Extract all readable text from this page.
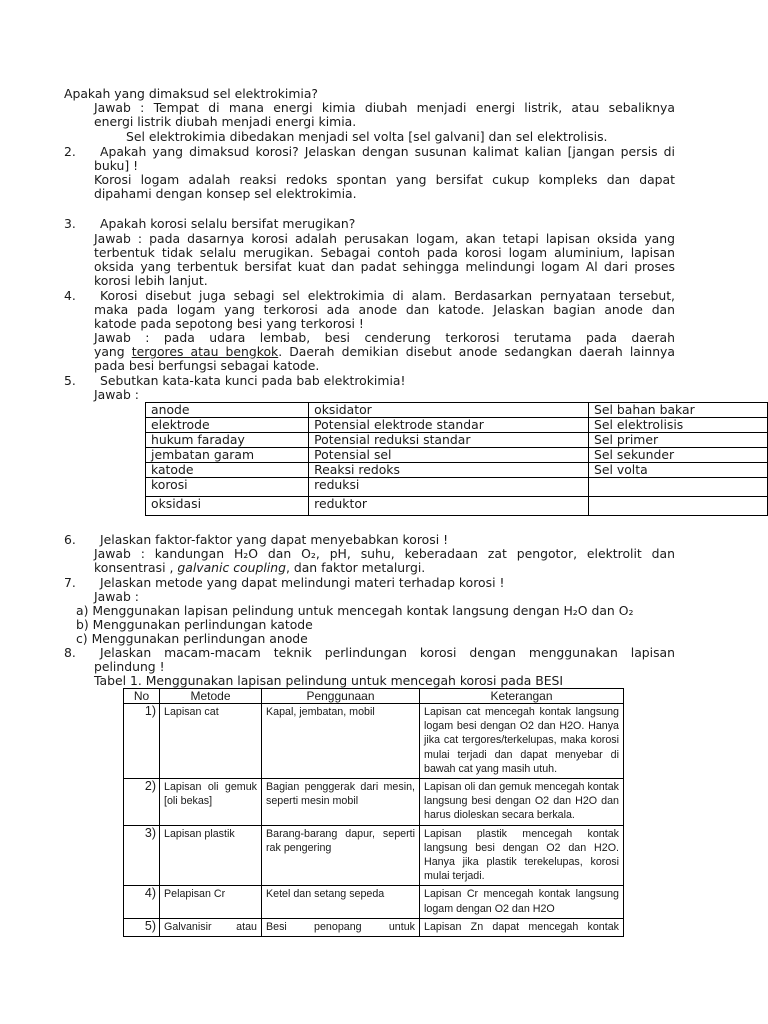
Apakah yang dimaksud sel elektrokimia?
Jawab : Tempat di mana energi kimia diubah menjadi energi listrik, atau sebaliknya
energi listrik diubah menjadi energi kimia.
Sel elektrokimia dibedakan menjadi sel volta [sel galvani] dan sel elektrolisis.
2. Apakah yang dimaksud korosi? Jelaskan dengan susunan kalimat kalian [jangan persis di
buku] !
Korosi logam adalah reaksi redoks spontan yang bersifat cukup kompleks dan dapat
dipahami dengan konsep sel elektrokimia.
3. Apakah korosi selalu bersifat merugikan?
Jawab : pada dasarnya korosi adalah perusakan logam, akan tetapi lapisan oksida yang
terbentuk tidak selalu merugikan. Sebagai contoh pada korosi logam aluminium, lapisan
oksida yang terbentuk bersifat kuat dan padat sehingga melindungi logam Al dari proses
korosi lebih lanjut.
4. Korosi disebut juga sebagi sel elektrokimia di alam. Berdasarkan pernyataan tersebut,
maka pada logam yang terkorosi ada anode dan katode. Jelaskan bagian anode dan
katode pada sepotong besi yang terkorosi !
Jawab : pada udara lembab, besi cenderung terkorosi terutama pada daerah
yang tergores atau bengkok. Daerah demikian disebut anode sedangkan daerah lainnya
pada besi berfungsi sebagai katode.
5. Sebutkan kata-kata kunci pada bab elektrokimia!
Jawab :
anode	oksidator	Sel bahan bakar
elektrode	Potensial elektrode standar	Sel elektrolisis
hukum faraday	Potensial reduksi standar	Sel primer
jembatan garam	Potensial sel	Sel sekunder
katode	Reaksi redoks	Sel volta
korosi	reduksi	
oksidasi	reduktor	
6. Jelaskan faktor-faktor yang dapat menyebabkan korosi !
Jawab : kandungan H₂O dan O₂, pH, suhu, keberadaan zat pengotor, elektrolit dan
konsentrasi , galvanic coupling, dan faktor metalurgi.
7. Jelaskan metode yang dapat melindungi materi terhadap korosi !
Jawab :
a) Menggunakan lapisan pelindung untuk mencegah kontak langsung dengan H₂O dan O₂
b) Menggunakan perlindungan katode
c) Menggunakan perlindungan anode
8. Jelaskan macam-macam teknik perlindungan korosi dengan menggunakan lapisan
pelindung !
Tabel 1. Menggunakan lapisan pelindung untuk mencegah korosi pada BESI
No	Metode	Penggunaan	Keterangan
1)	Lapisan cat	Kapal, jembatan, mobil	Lapisan cat mencegah kontak langsung logam besi dengan O2 dan H2O. Hanya jika cat tergores/terkelupas, maka korosi mulai terjadi dan dapat menyebar di bawah cat yang masih utuh.
2)	Lapisan oli gemuk [oli bekas]	Bagian penggerak dari mesin, seperti mesin mobil	Lapisan oli dan gemuk mencegah kontak langsung besi dengan O2 dan H2O dan harus dioleskan secara berkala.
3)	Lapisan plastik	Barang-barang dapur, seperti rak pengering	Lapisan plastik mencegah kontak langsung besi dengan O2 dan H2O. Hanya jika plastik terekelupas, korosi mulai terjadi.
4)	Pelapisan Cr	Ketel dan setang sepeda	Lapisan Cr mencegah kontak langsung logam dengan O2 dan H2O
5)	Galvanisir atau	Besi penopang untuk	Lapisan Zn dapat mencegah kontak
